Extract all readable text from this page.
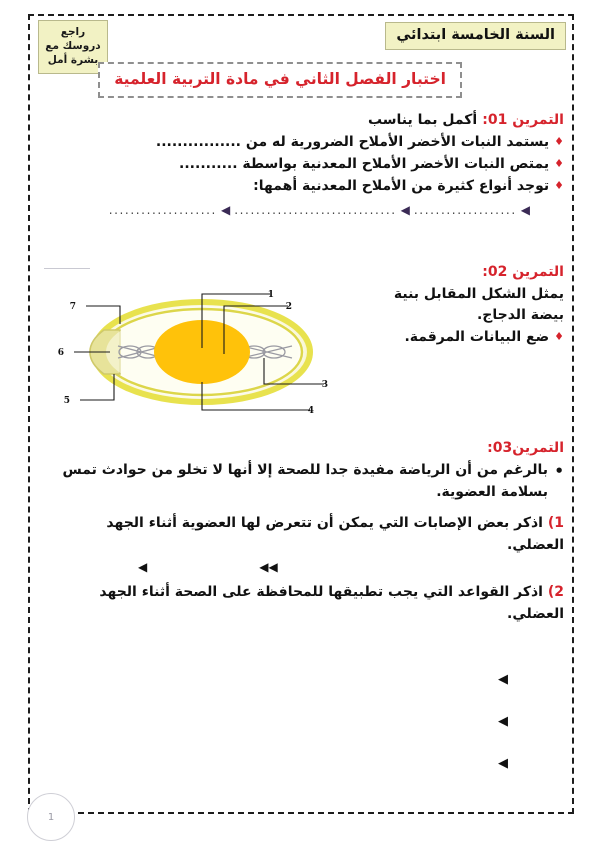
السنة الخامسة ابتدائي
راجع دروسك مع بشرة أمل
اختبار الفصل الثاني في مادة التربية العلمية
التمرين 01: أكمل بما يناسب
♦يستمد النبات الأخضر الأملاح الضرورية له من ................
♦يمتص النبات الأخضر الأملاح المعدنية بواسطة ...........
♦توجد أنواع كثيرة من الأملاح المعدنية أهمها:
◀
...................
◀
..............................
◀
....................
التمرين 02:
يمثل الشكل المقابل بنية
بيضة الدجاج.
♦ضع البيانات المرقمة.
1
2
3
4
5
6
7
التمرين03:
• بالرغم من أن الرياضة مفيدة جدا للصحة إلا أنها لا تخلو من حوادث تمس بسلامة العضوية.
1) اذكر بعض الإصابات التي يمكن أن تتعرض لها العضوية أثناء الجهد العضلي.
◀	◀ ◀
2) اذكر القواعد التي يجب تطبيقها للمحافظة على الصحة أثناء الجهد العضلي.
◀
◀
◀
1
